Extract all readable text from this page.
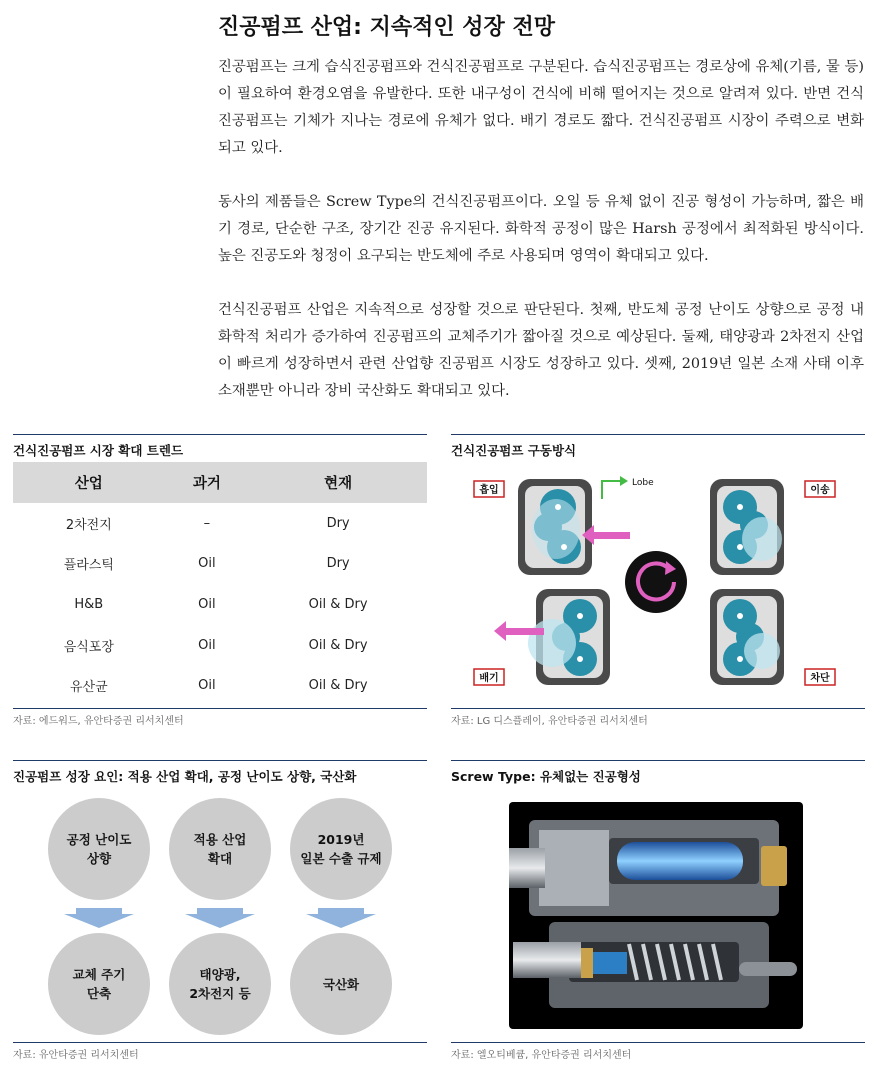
진공펌프 산업: 지속적인 성장 전망
진공펌프는 크게 습식진공펌프와 건식진공펌프로 구분된다. 습식진공펌프는 경로상에 유체(기름, 물 등)이 필요하여 환경오염을 유발한다. 또한 내구성이 건식에 비해 떨어지는 것으로 알려져 있다. 반면 건식진공펌프는 기체가 지나는 경로에 유체가 없다. 배기 경로도 짧다. 건식진공펌프 시장이 주력으로 변화되고 있다.
동사의 제품들은 Screw Type의 건식진공펌프이다. 오일 등 유체 없이 진공 형성이 가능하며, 짧은 배기 경로, 단순한 구조, 장기간 진공 유지된다. 화학적 공정이 많은 Harsh 공정에서 최적화된 방식이다. 높은 진공도와 청정이 요구되는 반도체에 주로 사용되며 영역이 확대되고 있다.
건식진공펌프 산업은 지속적으로 성장할 것으로 판단된다. 첫째, 반도체 공정 난이도 상향으로 공정 내 화학적 처리가 증가하여 진공펌프의 교체주기가 짧아질 것으로 예상된다. 둘째, 태양광과 2차전지 산업이 빠르게 성장하면서 관련 산업향 진공펌프 시장도 성장하고 있다. 셋째, 2019년 일본 소재 사태 이후 소재뿐만 아니라 장비 국산화도 확대되고 있다.
건식진공펌프 시장 확대 트렌드
산업	과거	현재
2차전지	–	Dry
플라스틱	Oil	Dry
H&B	Oil	Oil & Dry
음식포장	Oil	Oil & Dry
유산균	Oil	Oil & Dry
자료: 에드워드, 유안타증권 리서치센터
건식진공펌프 구동방식
흡입
Lobe
이송
배기	차단
자료: LG 디스플레이, 유안타증권 리서치센터
진공펌프 성장 요인: 적용 산업 확대, 공정 난이도 상향, 국산화
공정 난이도
상향
적용 산업
확대
2019년
일본 수출 규제
교체 주기
단축
태양광,
2차전지 등
국산화
자료: 유안타증권 리서치센터
Screw Type: 유체없는 진공형성
자료: 엘오티베큠, 유안타증권 리서치센터
